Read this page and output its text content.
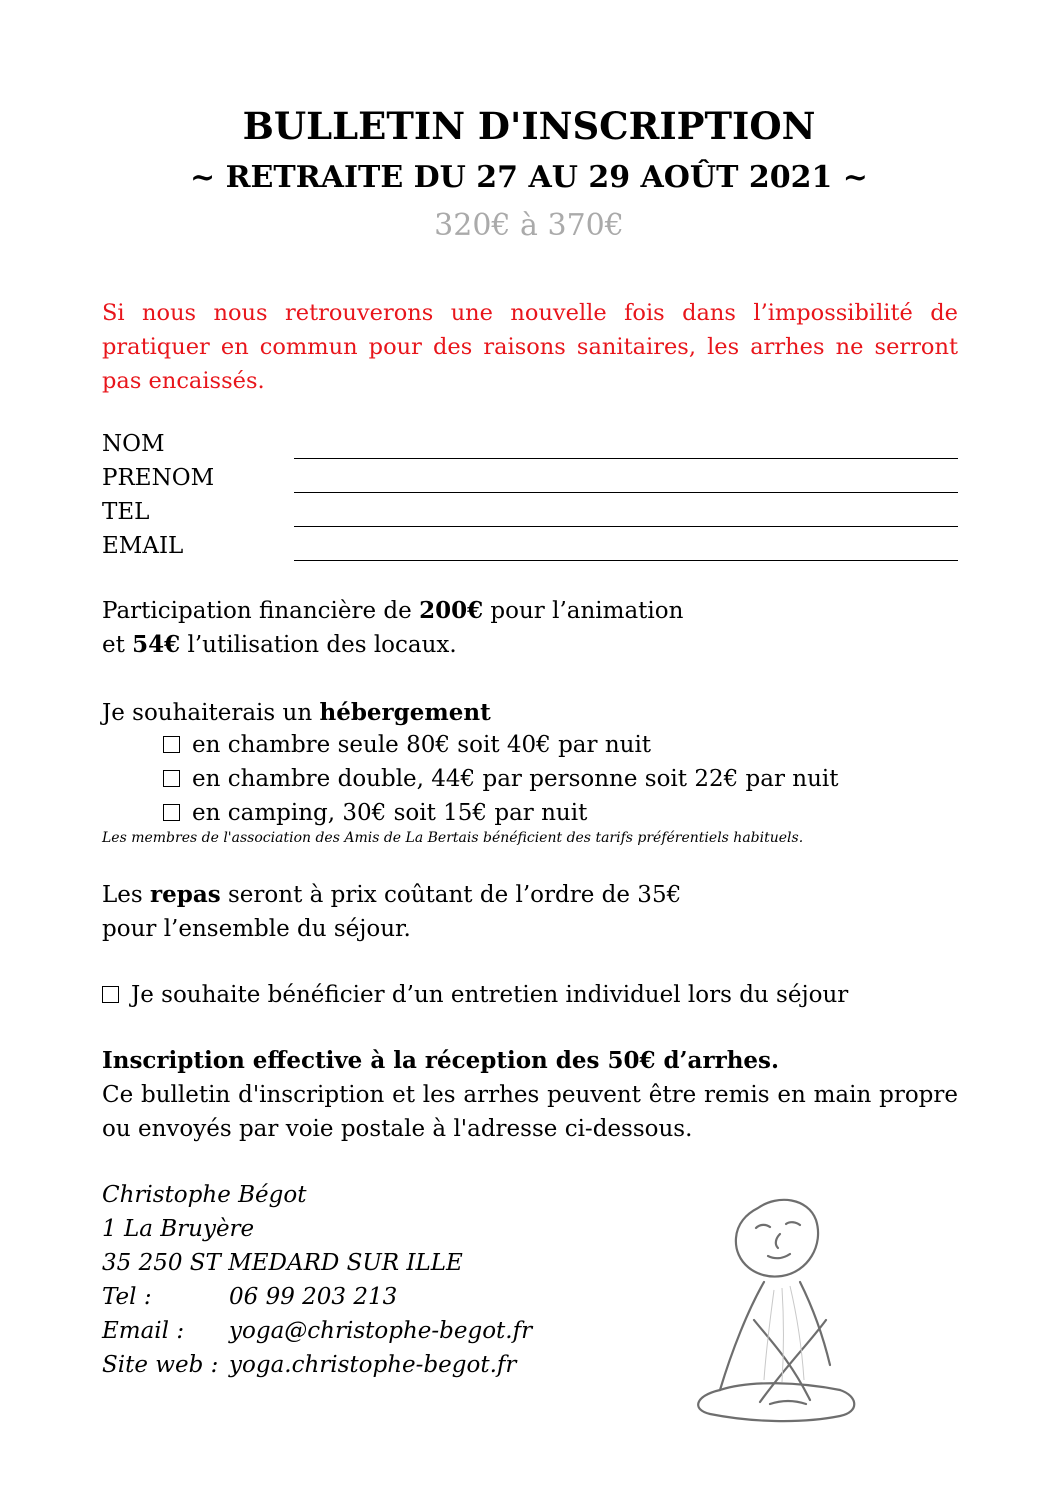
BULLETIN D'INSCRIPTION
~ RETRAITE DU 27 AU 29 AOÛT 2021 ~
320€ à 370€
Si nous nous retrouverons une nouvelle fois dans l’impossibilité de pratiquer en commun pour des raisons sanitaires, les arrhes ne serront pas encaissés.
NOM
PRENOM
TEL
EMAIL
Participation financière de 200€ pour l’animation
et 54€ l’utilisation des locaux.
Je souhaiterais un hébergement
en chambre seule 80€ soit 40€ par nuit
en chambre double, 44€ par personne soit 22€ par nuit
en camping, 30€ soit 15€ par nuit
Les membres de l'association des Amis de La Bertais bénéficient des tarifs préférentiels habituels.
Les repas seront à prix coûtant de l’ordre de 35€
pour l’ensemble du séjour.
Je souhaite bénéficier d’un entretien individuel lors du séjour
Inscription effective à la réception des 50€ d’arrhes.
Ce bulletin d'inscription et les arrhes peuvent être remis en main propre ou envoyés par voie postale à l'adresse ci-dessous.
Christophe Bégot
1 La Bruyère
35 250 ST MEDARD SUR ILLE
Tel :	06 99 203 213
Email : yoga@christophe-begot.fr
Site web : yoga.christophe-begot.fr
